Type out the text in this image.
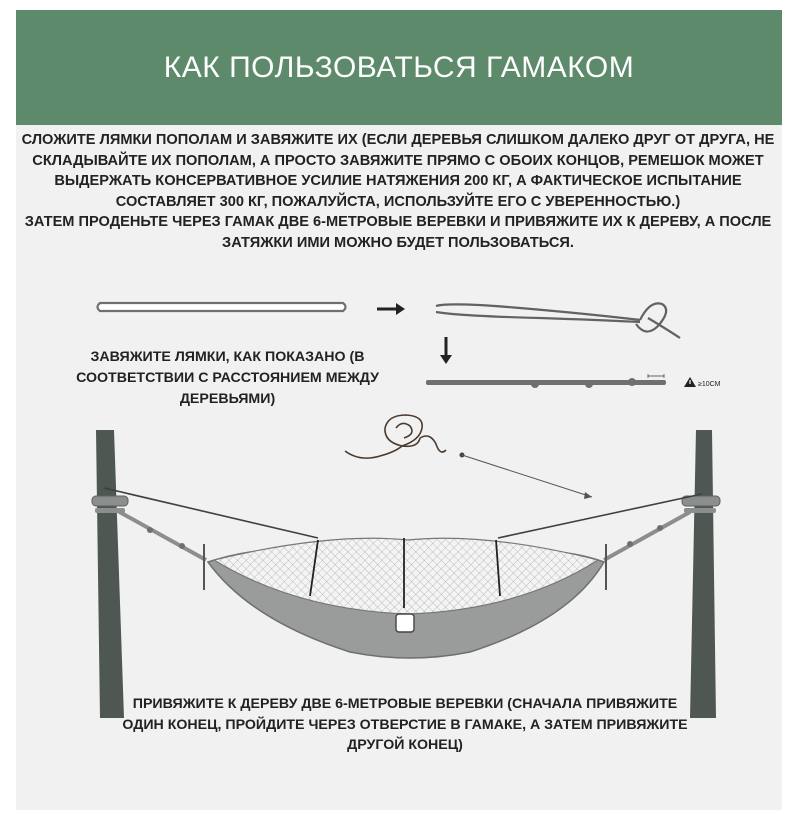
КАК ПОЛЬЗОВАТЬСЯ ГАМАКОМ

СЛОЖИТЕ ЛЯМКИ ПОПОЛАМ И ЗАВЯЖИТЕ ИХ (ЕСЛИ ДЕРЕВЬЯ СЛИШКОМ ДАЛЕКО ДРУГ ОТ ДРУГА, НЕ СКЛАДЫВАЙТЕ ИХ ПОПОЛАМ, А ПРОСТО ЗАВЯЖИТЕ ПРЯМО С ОБОИХ КОНЦОВ, РЕМЕШОК МОЖЕТ ВЫДЕРЖАТЬ КОНСЕРВАТИВНОЕ УСИЛИЕ НАТЯЖЕНИЯ 200 КГ, А ФАКТИЧЕСКОЕ ИСПЫТАНИЕ СОСТАВЛЯЕТ 300 КГ, ПОЖАЛУЙСТА, ИСПОЛЬЗУЙТЕ ЕГО С УВЕРЕННОСТЬЮ.)

ЗАТЕМ ПРОДЕНЬТЕ ЧЕРЕЗ ГАМАК ДВЕ 6-МЕТРОВЫЕ ВЕРЕВКИ И ПРИВЯЖИТЕ ИХ К ДЕРЕВУ, А ПОСЛЕ ЗАТЯЖКИ ИМИ МОЖНО БУДЕТ ПОЛЬЗОВАТЬСЯ.

≥10CM
ЗАВЯЖИТЕ ЛЯМКИ, КАК ПОКАЗАНО (В СООТВЕТСТВИИ С РАССТОЯНИЕМ МЕЖДУ ДЕРЕВЬЯМИ)
ПРИВЯЖИТЕ К ДЕРЕВУ ДВЕ 6-МЕТРОВЫЕ ВЕРЕВКИ (СНАЧАЛА ПРИВЯЖИТЕ ОДИН КОНЕЦ, ПРОЙДИТЕ ЧЕРЕЗ ОТВЕРСТИЕ В ГАМАКЕ, А ЗАТЕМ ПРИВЯЖИТЕ ДРУГОЙ КОНЕЦ)
